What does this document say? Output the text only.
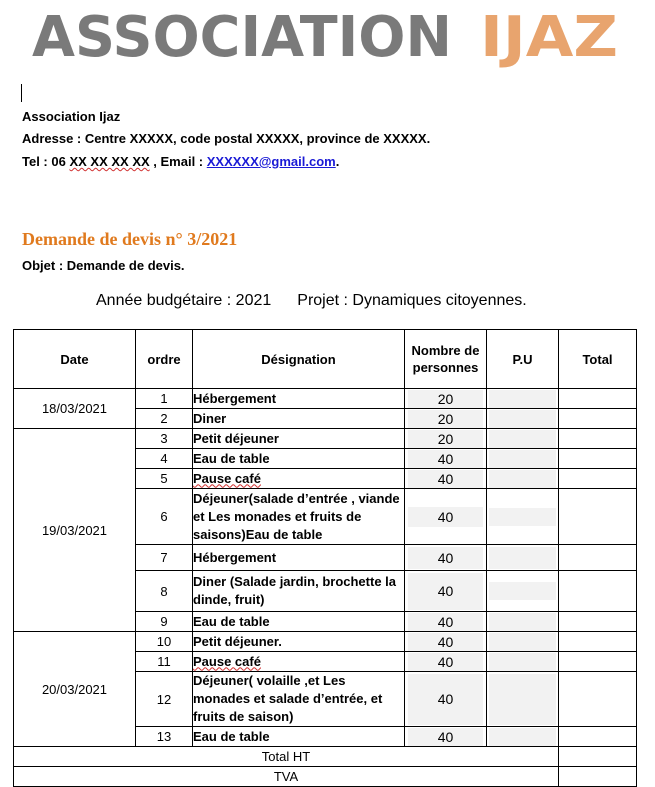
ASSOCIATION IJAZ
Association Ijaz
Adresse : Centre XXXXX, code postal XXXXX, province de XXXXX.
Tel : 06 XX XX XX XX , Email : XXXXXX@gmail.com.
Demande de devis n° 3/2021
Objet : Demande de devis.
Année budgétaire : 2021 Projet : Dynamiques citoyennes.
Date	ordre	Désignation	Nombre de personnes	P.U	Total
18/03/2021	1	Hébergement	20		

	2	Diner	20		

19/03/2021	3	Petit déjeuner	20		

	4	Eau de table	40		

	5	Pause café	40		

	6	Déjeuner(salade d’entrée , viande et Les monades et fruits de saisons)Eau de table	40		

	7	Hébergement	40		

	8	Diner (Salade jardin, brochette la dinde, fruit)	40		

	9	Eau de table	40		

20/03/2021	10	Petit déjeuner.	40		

	11	Pause café	40		

	12	Déjeuner( volaille ,et Les monades et salade d’entrée, et fruits de saison)	40		

	13	Eau de table	40		

Total HT					
TVA					
